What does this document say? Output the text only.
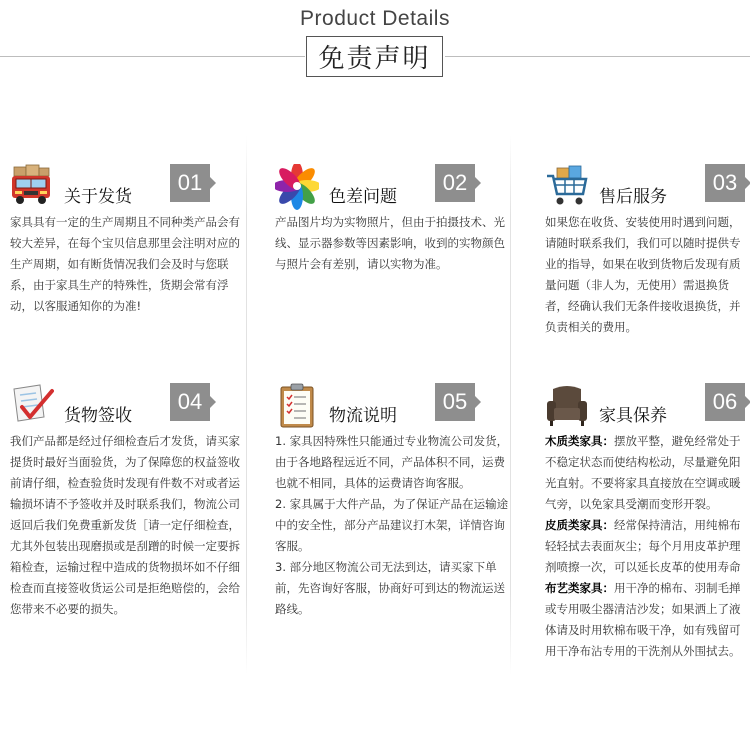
Product Details
免责声明
关于发货
01

家具具有一定的生产周期且不同种类产品会有较大差异，在每个宝贝信息那里会注明对应的生产周期，如有断货情况我们会及时与您联系，由于家具生产的特殊性，货期会常有浮动，以客服通知你的为准!

色差问题
02

产品图片均为实物照片，但由于拍摄技术、光线、显示器参数等因素影响，收到的实物颜色与照片会有差别，请以实物为准。

售后服务
03

如果您在收货、安装使用时遇到问题，请随时联系我们，我们可以随时提供专业的指导，如果在收到货物后发现有质量问题（非人为，无使用）需退换货者，经确认我们无条件接收退换货，并负责相关的费用。

货物签收
04

我们产品都是经过仔细检查后才发货，请买家提货时最好当面验货，为了保障您的权益签收前请仔细，检查验货时发现有件数不对或者运输损坏请不予签收并及时联系我们，物流公司返回后我们免费重新发货［请一定仔细检查，尤其外包装出现磨损或是刮蹭的时候一定要拆箱检查，运输过程中造成的货物损坏如不仔细检查而直接签收货运公司是拒绝赔偿的，会给您带来不必要的损失。

物流说明
05

1. 家具因特殊性只能通过专业物流公司发货，由于各地路程远近不同，产品体积不同，运费也就不相同，具体的运费请咨询客服。

2. 家具属于大件产品，为了保证产品在运输途中的安全性，部分产品建议打木架，详情咨询客服。

3. 部分地区物流公司无法到达，请买家下单前，先咨询好客服，协商好可到达的物流运送路线。

家具保养
06

木质类家具：摆放平整，避免经常处于不稳定状态而使结构松动，尽量避免阳光直射。不要将家具直接放在空调或暖气旁，以免家具受潮而变形开裂。

皮质类家具：经常保持清洁，用纯棉布轻轻拭去表面灰尘；每个月用皮革护理剂喷擦一次，可以延长皮革的使用寿命

布艺类家具：用干净的棉布、羽制毛掸或专用吸尘器清洁沙发；如果洒上了液体请及时用软棉布吸干净，如有残留可用干净布沾专用的干洗剂从外围拭去。
